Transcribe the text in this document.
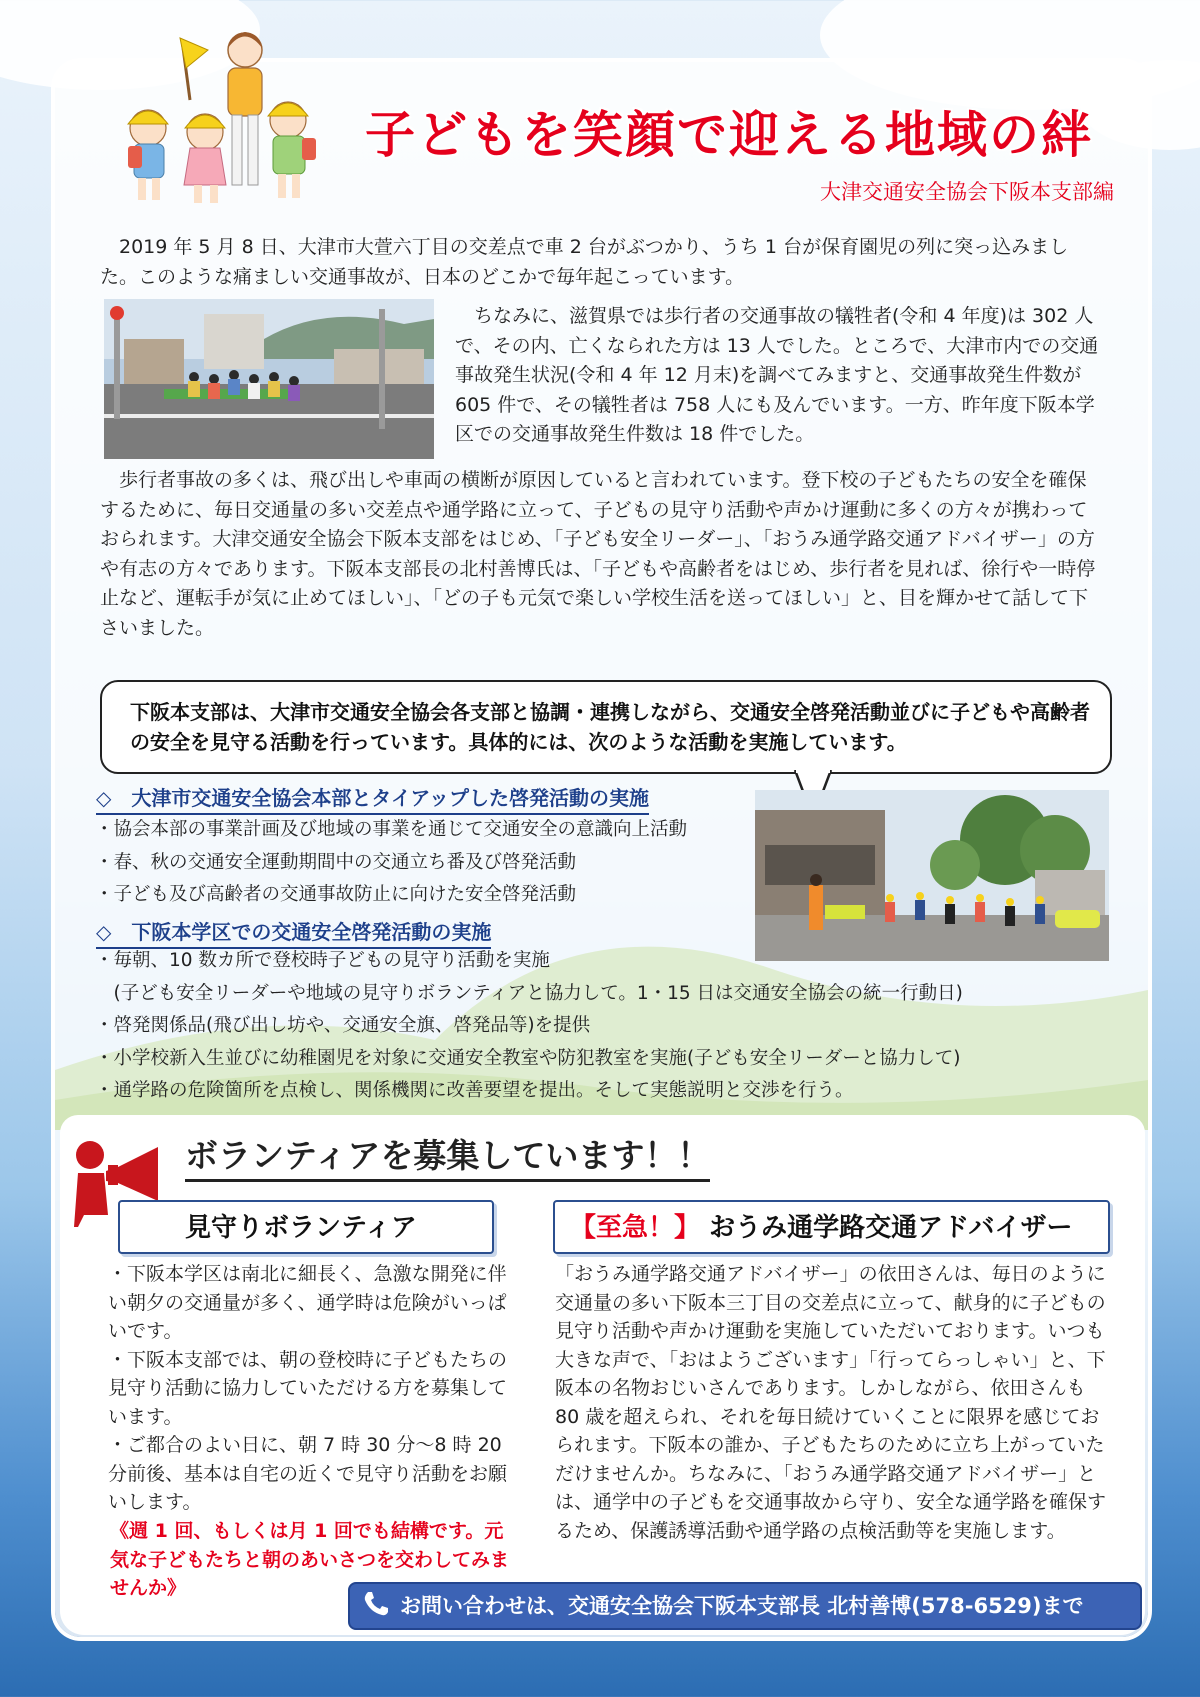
子どもを笑顔で迎える地域の絆
大津交通安全協会下阪本支部編
　2019 年 5 月 8 日、大津市大萱六丁目の交差点で車 2 台がぶつかり、うち 1 台が保育園児の列に突っ込みました。このような痛ましい交通事故が、日本のどこかで毎年起こっています。
　ちなみに、滋賀県では歩行者の交通事故の犠牲者(令和 4 年度)は 302 人で、その内、亡くなられた方は 13 人でした。ところで、大津市内での交通事故発生状況(令和 4 年 12 月末)を調べてみますと、交通事故発生件数が 605 件で、その犠牲者は 758 人にも及んでいます。一方、昨年度下阪本学区での交通事故発生件数は 18 件でした。
　歩行者事故の多くは、飛び出しや車両の横断が原因していると言われています。登下校の子どもたちの安全を確保するために、毎日交通量の多い交差点や通学路に立って、子どもの見守り活動や声かけ運動に多くの方々が携わっておられます。大津交通安全協会下阪本支部をはじめ、「子ども安全リーダー」、「おうみ通学路交通アドバイザー」の方や有志の方々であります。下阪本支部長の北村善博氏は、「子どもや高齢者をはじめ、歩行者を見れば、徐行や一時停止など、運転手が気に止めてほしい」、「どの子も元気で楽しい学校生活を送ってほしい」と、目を輝かせて話して下さいました。
下阪本支部は、大津市交通安全協会各支部と協調・連携しながら、交通安全啓発活動並びに子どもや高齢者の安全を見守る活動を行っています。具体的には、次のような活動を実施しています。
◇　大津市交通安全協会本部とタイアップした啓発活動の実施
・協会本部の事業計画及び地域の事業を通じて交通安全の意識向上活動
・春、秋の交通安全運動期間中の交通立ち番及び啓発活動
・子ども及び高齢者の交通事故防止に向けた安全啓発活動
◇　下阪本学区での交通安全啓発活動の実施
・毎朝、10 数カ所で登校時子どもの見守り活動を実施
　(子ども安全リーダーや地域の見守りボランティアと協力して。1・15 日は交通安全協会の統一行動日)
・啓発関係品(飛び出し坊や、交通安全旗、啓発品等)を提供
・小学校新入生並びに幼稚園児を対象に交通安全教室や防犯教室を実施(子ども安全リーダーと協力して)
・通学路の危険箇所を点検し、関係機関に改善要望を提出。そして実態説明と交渉を行う。
ボランティアを募集しています！！
見守りボランティア	【至急！】 おうみ通学路交通アドバイザー
・下阪本学区は南北に細長く、急激な開発に伴い朝夕の交通量が多く、通学時は危険がいっぱいです。
・下阪本支部では、朝の登校時に子どもたちの見守り活動に協力していただける方を募集しています。
・ご都合のよい日に、朝 7 時 30 分～8 時 20 分前後、基本は自宅の近くで見守り活動をお願いします。
《週 1 回、もしくは月 1 回でも結構です。元気な子どもたちと朝のあいさつを交わしてみませんか》
「おうみ通学路交通アドバイザー」の依田さんは、毎日のように交通量の多い下阪本三丁目の交差点に立って、献身的に子どもの見守り活動や声かけ運動を実施していただいております。いつも大きな声で、「おはようございます」「行ってらっしゃい」と、下阪本の名物おじいさんであります。しかしながら、依田さんも 80 歳を超えられ、それを毎日続けていくことに限界を感じておられます。下阪本の誰か、子どもたちのために立ち上がっていただけませんか。ちなみに、「おうみ通学路交通アドバイザー」とは、通学中の子どもを交通事故から守り、安全な通学路を確保するため、保護誘導活動や通学路の点検活動等を実施します。
お問い合わせは、交通安全協会下阪本支部長 北村善博(578-6529)まで
